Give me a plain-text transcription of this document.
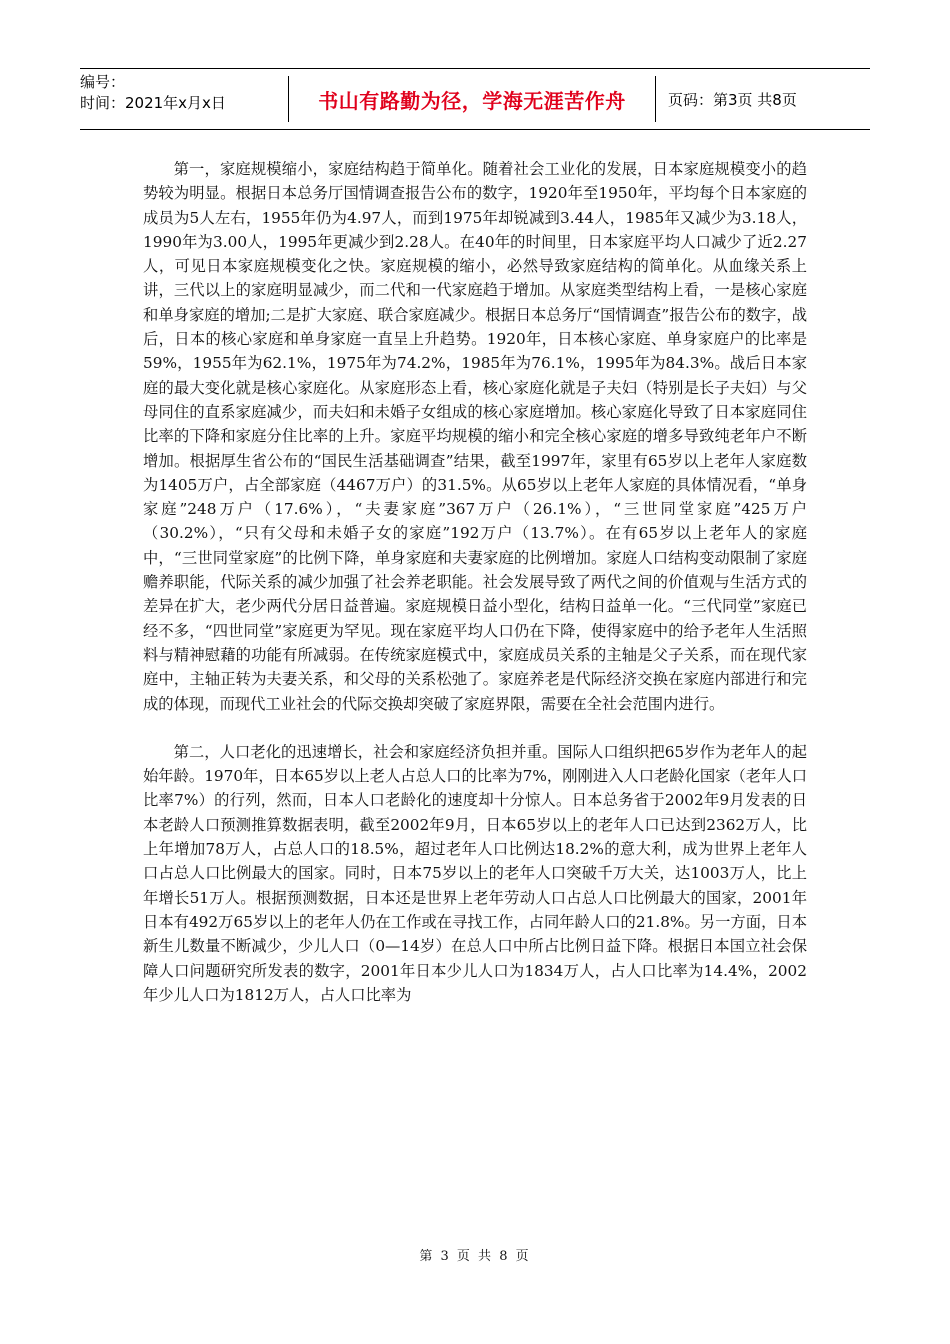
编号：
时间：2021年x月x日	书山有路勤为径，学海无涯苦作舟	页码：第3页 共8页

第一，家庭规模缩小，家庭结构趋于简单化。随着社会工业化的发展，日本家庭规模变小的趋势较为明显。根据日本总务厅国情调查报告公布的数字，1920年至1950年，平均每个日本家庭的成员为5人左右，1955年仍为4.97人，而到1975年却锐减到3.44人，1985年又减少为3.18人，1990年为3.00人，1995年更减少到2.28人。在40年的时间里，日本家庭平均人口减少了近2.27人，可见日本家庭规模变化之快。家庭规模的缩小，必然导致家庭结构的简单化。从血缘关系上讲，三代以上的家庭明显减少，而二代和一代家庭趋于增加。从家庭类型结构上看，一是核心家庭和单身家庭的增加;二是扩大家庭、联合家庭减少。根据日本总务厅“国情调查”报告公布的数字，战后，日本的核心家庭和单身家庭一直呈上升趋势。1920年，日本核心家庭、单身家庭户的比率是59%，1955年为62.1%，1975年为74.2%，1985年为76.1%，1995年为84.3%。战后日本家庭的最大变化就是核心家庭化。从家庭形态上看，核心家庭化就是子夫妇（特别是长子夫妇）与父母同住的直系家庭减少，而夫妇和未婚子女组成的核心家庭增加。核心家庭化导致了日本家庭同住比率的下降和家庭分住比率的上升。家庭平均规模的缩小和完全核心家庭的增多导致纯老年户不断增加。根据厚生省公布的“国民生活基础调查”结果，截至1997年，家里有65岁以上老年人家庭数为1405万户，占全部家庭（4467万户）的31.5%。从65岁以上老年人家庭的具体情况看，“单身家庭”248万户（17.6%），“夫妻家庭”367万户（26.1%），“三世同堂家庭”425万户（30.2%），“只有父母和未婚子女的家庭”192万户（13.7%）。在有65岁以上老年人的家庭中，“三世同堂家庭”的比例下降，单身家庭和夫妻家庭的比例增加。家庭人口结构变动限制了家庭赡养职能，代际关系的减少加强了社会养老职能。社会发展导致了两代之间的价值观与生活方式的差异在扩大，老少两代分居日益普遍。家庭规模日益小型化，结构日益单一化。“三代同堂”家庭已经不多，“四世同堂”家庭更为罕见。现在家庭平均人口仍在下降，使得家庭中的给予老年人生活照料与精神慰藉的功能有所减弱。在传统家庭模式中，家庭成员关系的主轴是父子关系，而在现代家庭中，主轴正转为夫妻关系，和父母的关系松弛了。家庭养老是代际经济交换在家庭内部进行和完成的体现，而现代工业社会的代际交换却突破了家庭界限，需要在全社会范围内进行。

第二，人口老化的迅速增长，社会和家庭经济负担并重。国际人口组织把65岁作为老年人的起始年龄。1970年，日本65岁以上老人占总人口的比率为7%，刚刚进入人口老龄化国家（老年人口比率7%）的行列，然而，日本人口老龄化的速度却十分惊人。日本总务省于2002年9月发表的日本老龄人口预测推算数据表明，截至2002年9月，日本65岁以上的老年人口已达到2362万人，比上年增加78万人，占总人口的18.5%，超过老年人口比例达18.2%的意大利，成为世界上老年人口占总人口比例最大的国家。同时，日本75岁以上的老年人口突破千万大关，达1003万人，比上年增长51万人。根据预测数据，日本还是世界上老年劳动人口占总人口比例最大的国家，2001年日本有492万65岁以上的老年人仍在工作或在寻找工作，占同年龄人口的21.8%。另一方面，日本新生儿数量不断减少，少儿人口（0—14岁）在总人口中所占比例日益下降。根据日本国立社会保障人口问题研究所发表的数字，2001年日本少儿人口为1834万人，占人口比率为14.4%，2002年少儿人口为1812万人，占人口比率为

第 3 页 共 8 页
